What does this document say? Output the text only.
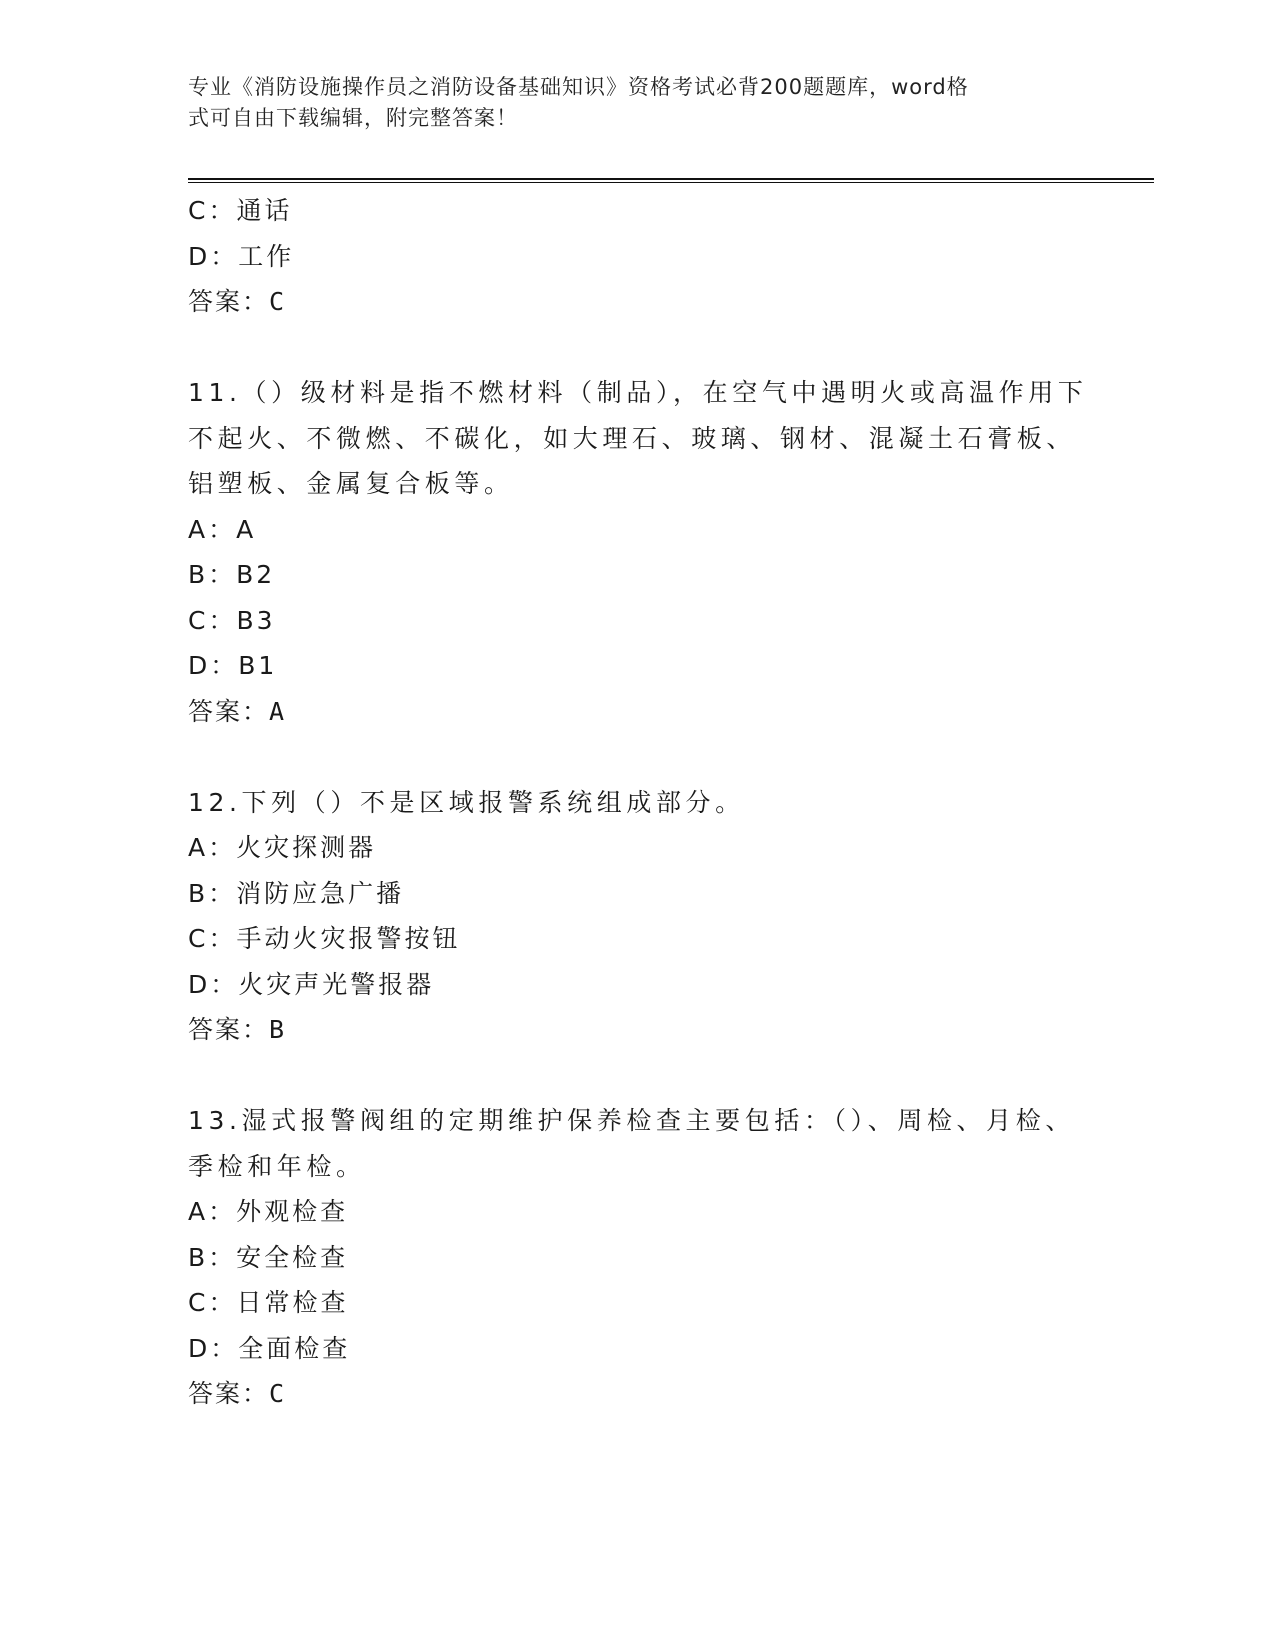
专业《消防设施操作员之消防设备基础知识》资格考试必背200题题库，word格
式可自由下载编辑，附完整答案！
C：通话
D：工作
答案：C
11.（）级材料是指不燃材料（制品），在空气中遇明火或高温作用下
不起火、不微燃、不碳化，如大理石、玻璃、钢材、混凝土石膏板、
铝塑板、金属复合板等。
A：A
B：B2
C：B3
D：B1
答案：A
12.下列（）不是区域报警系统组成部分。
A：火灾探测器
B：消防应急广播
C：手动火灾报警按钮
D：火灾声光警报器
答案：B
13.湿式报警阀组的定期维护保养检查主要包括：（）、周检、月检、
季检和年检。
A：外观检查
B：安全检查
C：日常检查
D：全面检查
答案：C
